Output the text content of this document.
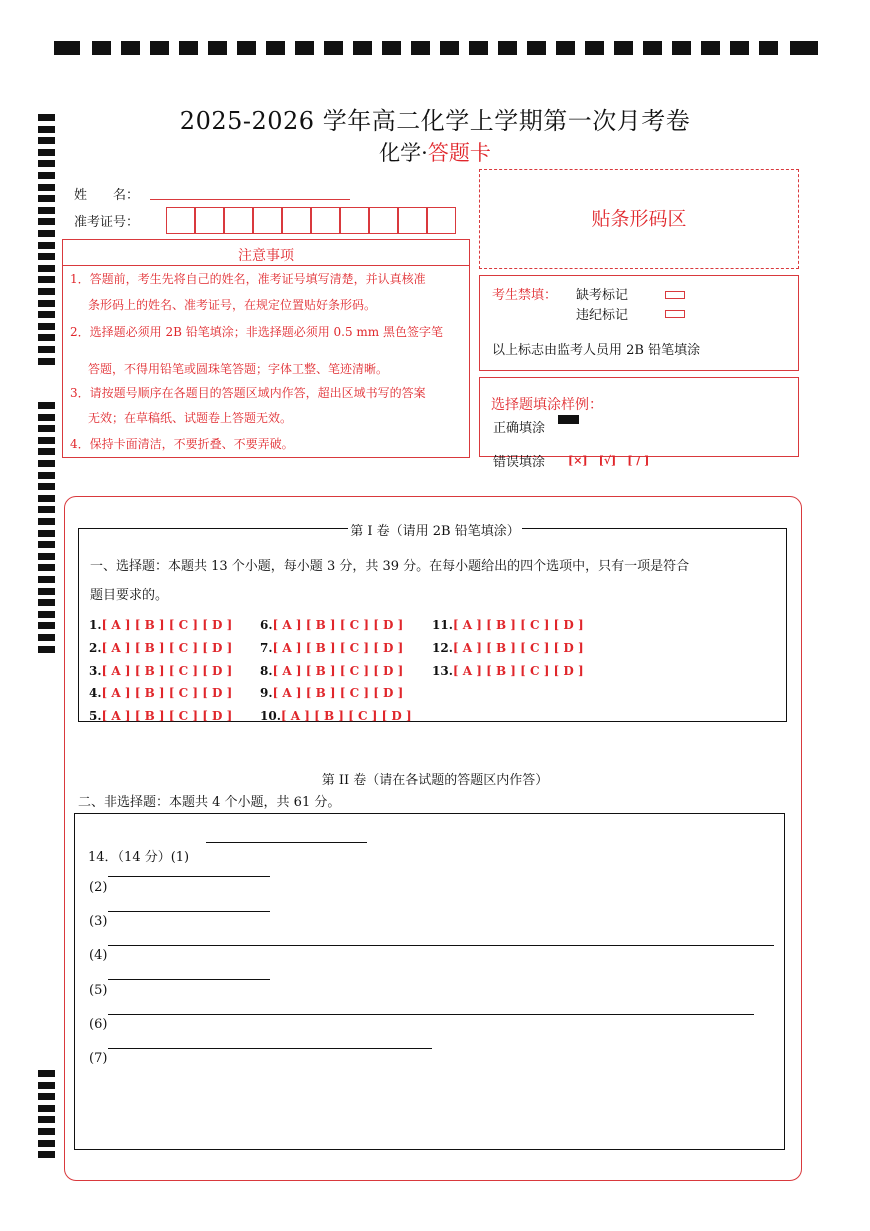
2025-2026 学年高二化学上学期第一次月考卷
化学·答题卡
姓　　名：
准考证号：	贴条形码区
注意事项
1．答题前，考生先将自己的姓名，准考证号填写清楚，并认真核准
条形码上的姓名、准考证号，在规定位置贴好条形码。
2．选择题必须用 2B 铅笔填涂；非选择题必须用 0.5 mm 黑色签字笔
答题，不得用铅笔或圆珠笔答题；字体工整、笔迹清晰。
3．请按题号顺序在各题目的答题区域内作答，超出区域书写的答案
无效；在草稿纸、试题卷上答题无效。
4．保持卡面清洁，不要折叠、不要弄破。
考生禁填： 缺考标记
违纪标记
以上标志由监考人员用 2B 铅笔填涂
选择题填涂样例：
正确填涂
错误填涂 [×]　[√]　[ / ]
第 I 卷（请用 2B 铅笔填涂）
一、选择题：本题共 13 个小题，每小题 3 分，共 39 分。在每小题给出的四个选项中，只有一项是符合
题目要求的。
1.[ A ] [ B ] [ C ] [ D ]
2.[ A ] [ B ] [ C ] [ D ]
3.[ A ] [ B ] [ C ] [ D ]
4.[ A ] [ B ] [ C ] [ D ]
5.[ A ] [ B ] [ C ] [ D ]
6.[ A ] [ B ] [ C ] [ D ]
7.[ A ] [ B ] [ C ] [ D ]
8.[ A ] [ B ] [ C ] [ D ]
9.[ A ] [ B ] [ C ] [ D ]
10.[ A ] [ B ] [ C ] [ D ]
11.[ A ] [ B ] [ C ] [ D ]
12.[ A ] [ B ] [ C ] [ D ]
13.[ A ] [ B ] [ C ] [ D ]
第 II 卷（请在各试题的答题区内作答）
二、非选择题：本题共 4 个小题，共 61 分。
14．（14 分）(1)
(2)
(3)
(4)
(5)
(6)
(7)
